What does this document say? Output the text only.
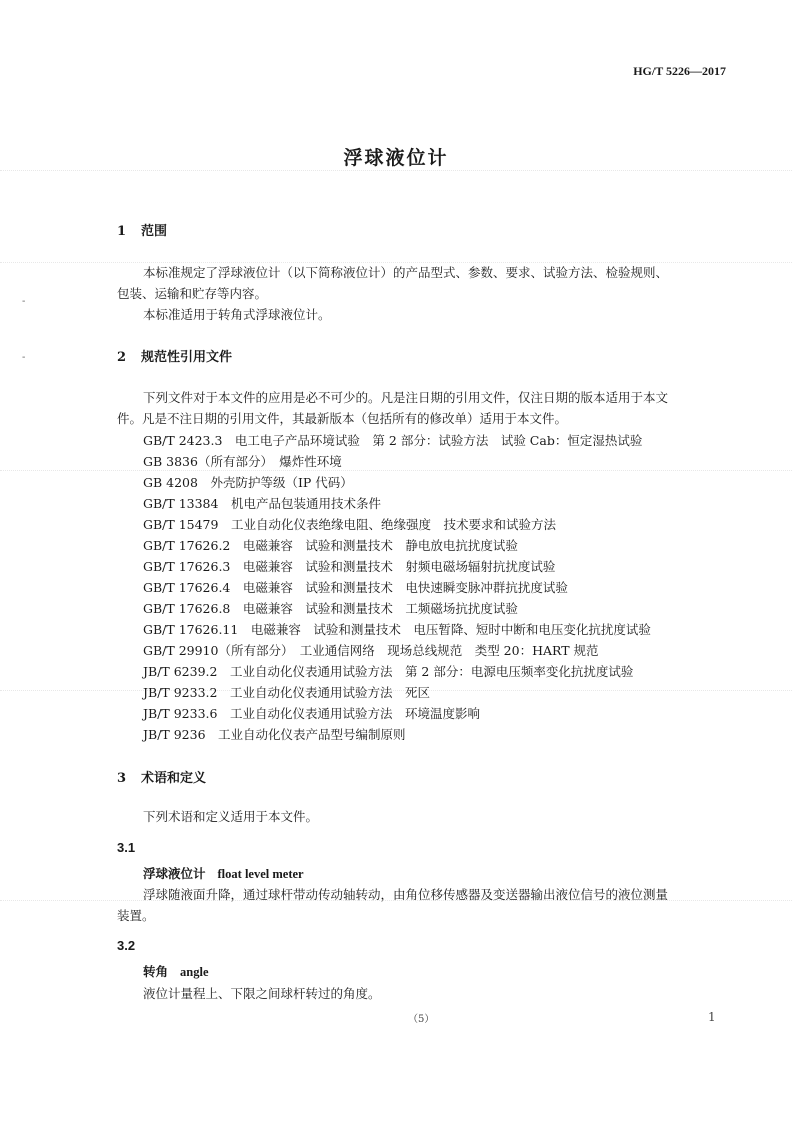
-
-
HG/T 5226—2017
浮球液位计
1 范围
本标准规定了浮球液位计（以下简称液位计）的产品型式、参数、要求、试验方法、检验规则、
包装、运输和贮存等内容。
本标准适用于转角式浮球液位计。
2 规范性引用文件
下列文件对于本文件的应用是必不可少的。凡是注日期的引用文件，仅注日期的版本适用于本文
件。凡是不注日期的引用文件，其最新版本（包括所有的修改单）适用于本文件。
GB/T 2423.3　电工电子产品环境试验　第 2 部分：试验方法　试验 Cab：恒定湿热试验
GB 3836（所有部分）　爆炸性环境
GB 4208　外壳防护等级（IP 代码）
GB/T 13384　机电产品包装通用技术条件
GB/T 15479　工业自动化仪表绝缘电阻、绝缘强度　技术要求和试验方法
GB/T 17626.2　电磁兼容　试验和测量技术　静电放电抗扰度试验
GB/T 17626.3　电磁兼容　试验和测量技术　射频电磁场辐射抗扰度试验
GB/T 17626.4　电磁兼容　试验和测量技术　电快速瞬变脉冲群抗扰度试验
GB/T 17626.8　电磁兼容　试验和测量技术　工频磁场抗扰度试验
GB/T 17626.11　电磁兼容　试验和测量技术　电压暂降、短时中断和电压变化抗扰度试验
GB/T 29910（所有部分）　工业通信网络　现场总线规范　类型 20：HART 规范
JB/T 6239.2　工业自动化仪表通用试验方法　第 2 部分：电源电压频率变化抗扰度试验
JB/T 9233.2　工业自动化仪表通用试验方法　死区
JB/T 9233.6　工业自动化仪表通用试验方法　环境温度影响
JB/T 9236　工业自动化仪表产品型号编制原则
3 术语和定义
下列术语和定义适用于本文件。
3.1
浮球液位计 float level meter
浮球随液面升降，通过球杆带动传动轴转动，由角位移传感器及变送器输出液位信号的液位测量
装置。
3.2
转角 angle
液位计量程上、下限之间球杆转过的角度。
（5）	1
